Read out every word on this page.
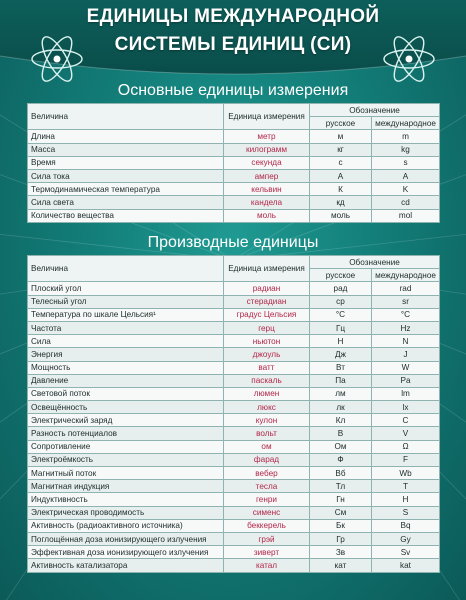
ЕДИНИЦЫ МЕЖДУНАРОДНОЙ
СИСТЕМЫ ЕДИНИЦ (СИ)
Основные единицы измерения
Величина	Единица измерения	Обозначение	
		русское	международное
Длина	метр	м	m
Масса	килограмм	кг	kg
Время	секунда	с	s
Сила тока	ампер	А	A
Термодинамическая температура	кельвин	К	K
Сила света	кандела	кд	cd
Количество вещества	моль	моль	mol
Производные единицы
Величина	Единица измерения	Обозначение	
		русское	международное
Плоский угол	радиан	рад	rad
Телесный угол	стерадиан	ср	sr
Температура по шкале Цельсия¹	градус Цельсия	°С	°C
Частота	герц	Гц	Hz
Сила	ньютон	Н	N
Энергия	джоуль	Дж	J
Мощность	ватт	Вт	W
Давление	паскаль	Па	Pa
Световой поток	люмен	лм	lm
Освещённость	люкс	лк	lx
Электрический заряд	кулон	Кл	C
Разность потенциалов	вольт	В	V
Сопротивление	ом	Ом	Ω
Электроёмкость	фарад	Ф	F
Магнитный поток	вебер	Вб	Wb
Магнитная индукция	тесла	Тл	T
Индуктивность	генри	Гн	H
Электрическая проводимость	сименс	См	S
Активность (радиоактивного источника)	беккерель	Бк	Bq
Поглощённая доза ионизирующего излучения	грэй	Гр	Gy
Эффективная доза ионизирующего излучения	зиверт	Зв	Sv
Активность катализатора	катал	кат	kat
